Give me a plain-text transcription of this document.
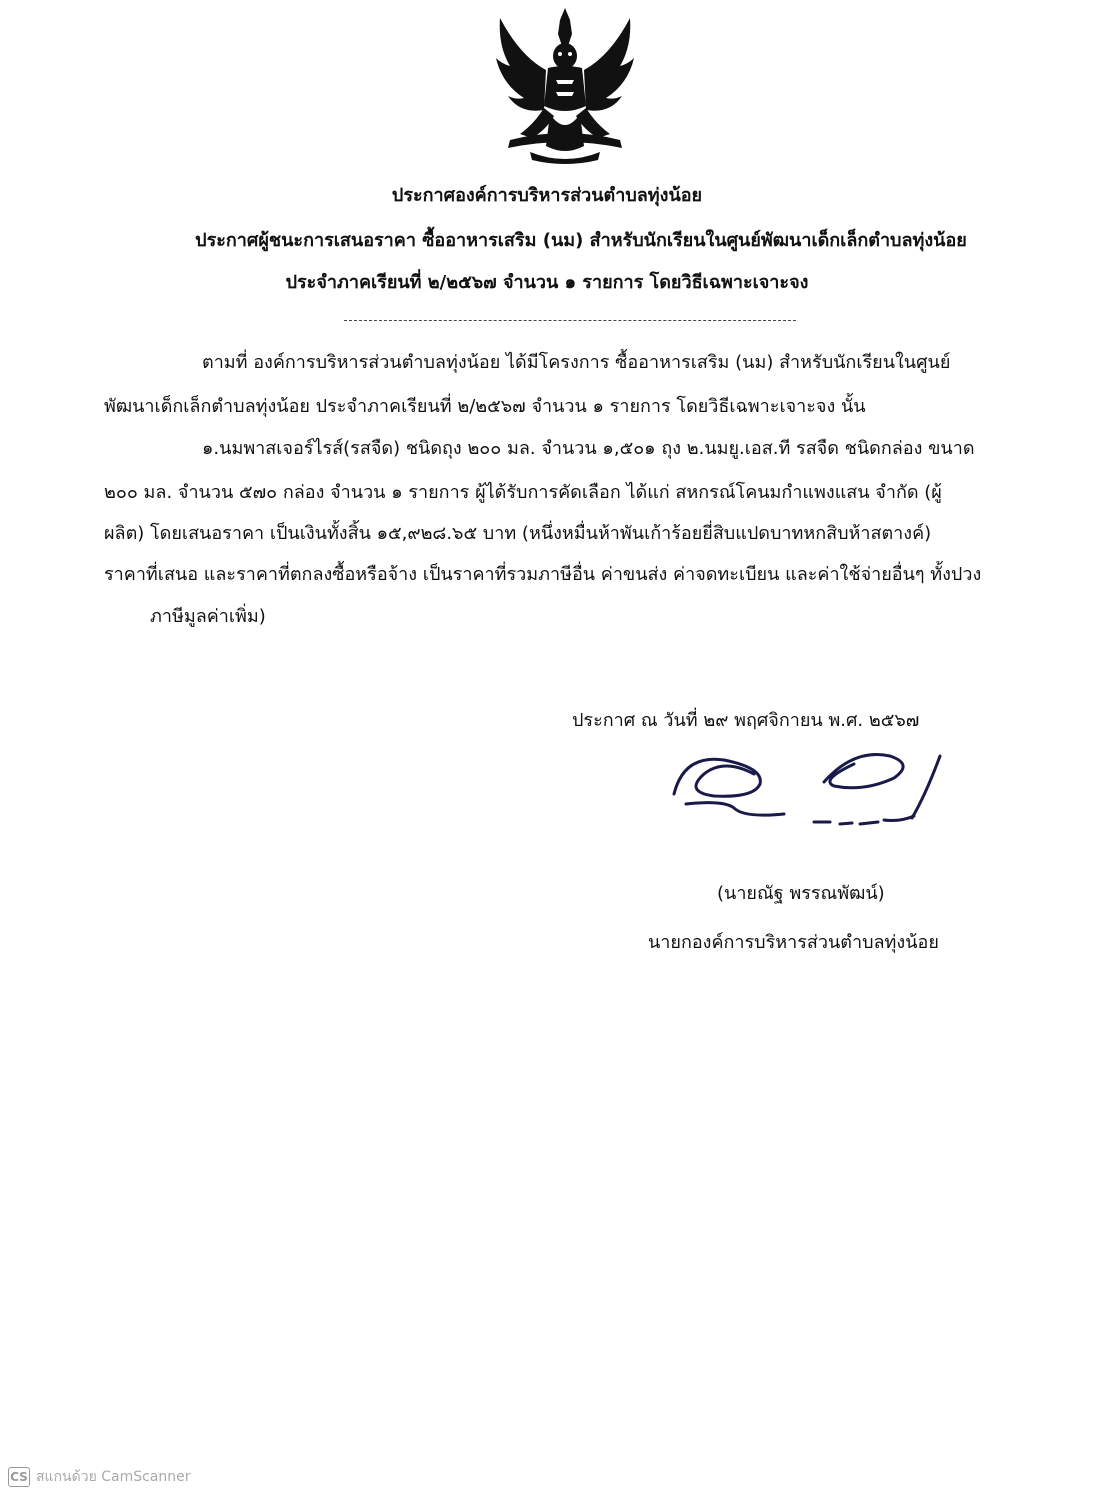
ประกาศองค์การบริหารส่วนตำบลทุ่งน้อย
ประกาศผู้ชนะการเสนอราคา ซื้ออาหารเสริม (นม) สำหรับนักเรียนในศูนย์พัฒนาเด็กเล็กตำบลทุ่งน้อย
ประจำภาคเรียนที่ ๒/๒๕๖๗ จำนวน ๑ รายการ โดยวิธีเฉพาะเจาะจง
ตามที่ องค์การบริหารส่วนตำบลทุ่งน้อย ได้มีโครงการ ซื้ออาหารเสริม (นม) สำหรับนักเรียนในศูนย์
พัฒนาเด็กเล็กตำบลทุ่งน้อย ประจำภาคเรียนที่ ๒/๒๕๖๗ จำนวน ๑ รายการ โดยวิธีเฉพาะเจาะจง นั้น
๑.นมพาสเจอร์ไรส์(รสจืด) ชนิดถุง ๒๐๐ มล. จำนวน ๑,๕๐๑ ถุง ๒.นมยู.เอส.ที รสจืด ชนิดกล่อง ขนาด
๒๐๐ มล. จำนวน ๕๗๐ กล่อง จำนวน ๑ รายการ ผู้ได้รับการคัดเลือก ได้แก่ สหกรณ์โคนมกำแพงแสน จำกัด (ผู้
ผลิต) โดยเสนอราคา เป็นเงินทั้งสิ้น ๑๕,๙๒๘.๖๕ บาท (หนึ่งหมื่นห้าพันเก้าร้อยยี่สิบแปดบาทหกสิบห้าสตางค์)
ราคาที่เสนอ และราคาที่ตกลงซื้อหรือจ้าง เป็นราคาที่รวมภาษีอื่น ค่าขนส่ง ค่าจดทะเบียน และค่าใช้จ่ายอื่นๆ ทั้งปวง
ภาษีมูลค่าเพิ่ม)
ประกาศ ณ วันที่ ๒๙ พฤศจิกายน พ.ศ. ๒๕๖๗
(นายณัฐ พรรณพัฒน์)
นายกองค์การบริหารส่วนตำบลทุ่งน้อย
CS สแกนด้วย CamScanner
